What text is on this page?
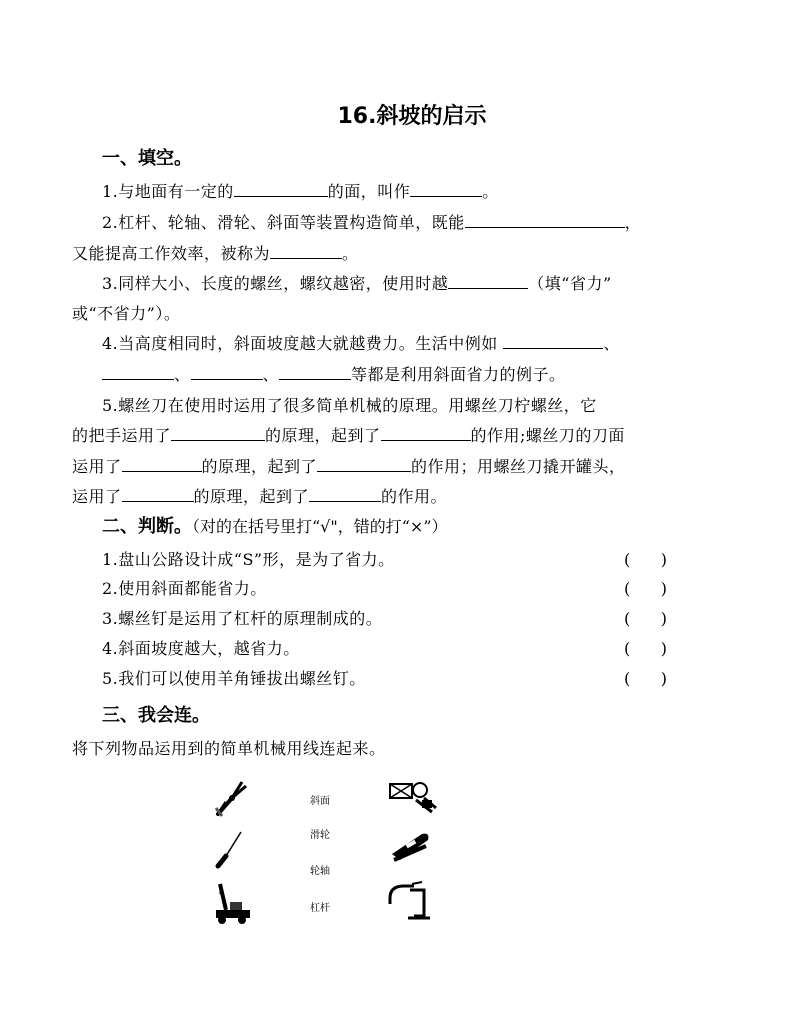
16.斜坡的启示
一、填空。
1.与地面有一定的	的面，叫作	。
2.杠杆、轮轴、滑轮、斜面等装置构造简单，既能	，
又能提高工作效率，被称为	。
3.同样大小、长度的螺丝，螺纹越密，使用时越	（填“省力”
或“不省力”）。
4.当高度相同时，斜面坡度越大就越费力。生活中例如	、
、	、	等都是利用斜面省力的例子。
5.螺丝刀在使用时运用了很多简单机械的原理。用螺丝刀柠螺丝，它
的把手运用了	的原理，起到了	的作用;螺丝刀的刀面
运用了	的原理，起到了	的作用；用螺丝刀撬开罐头，
运用了	的原理，起到了	的作用。
二、判断。（对的在括号里打“√"，错的打“×”）
1.盘山公路设计成“S”形，是为了省力。	(      )
2.使用斜面都能省力。	(      )
3.螺丝钉是运用了杠杆的原理制成的。	(      )
4.斜面坡度越大，越省力。	(      )
5.我们可以使用羊角锤拔出螺丝钉。	(      )
三、我会连。
将下列物品运用到的简单机械用线连起来。
斜面
滑轮
轮轴
杠杆
